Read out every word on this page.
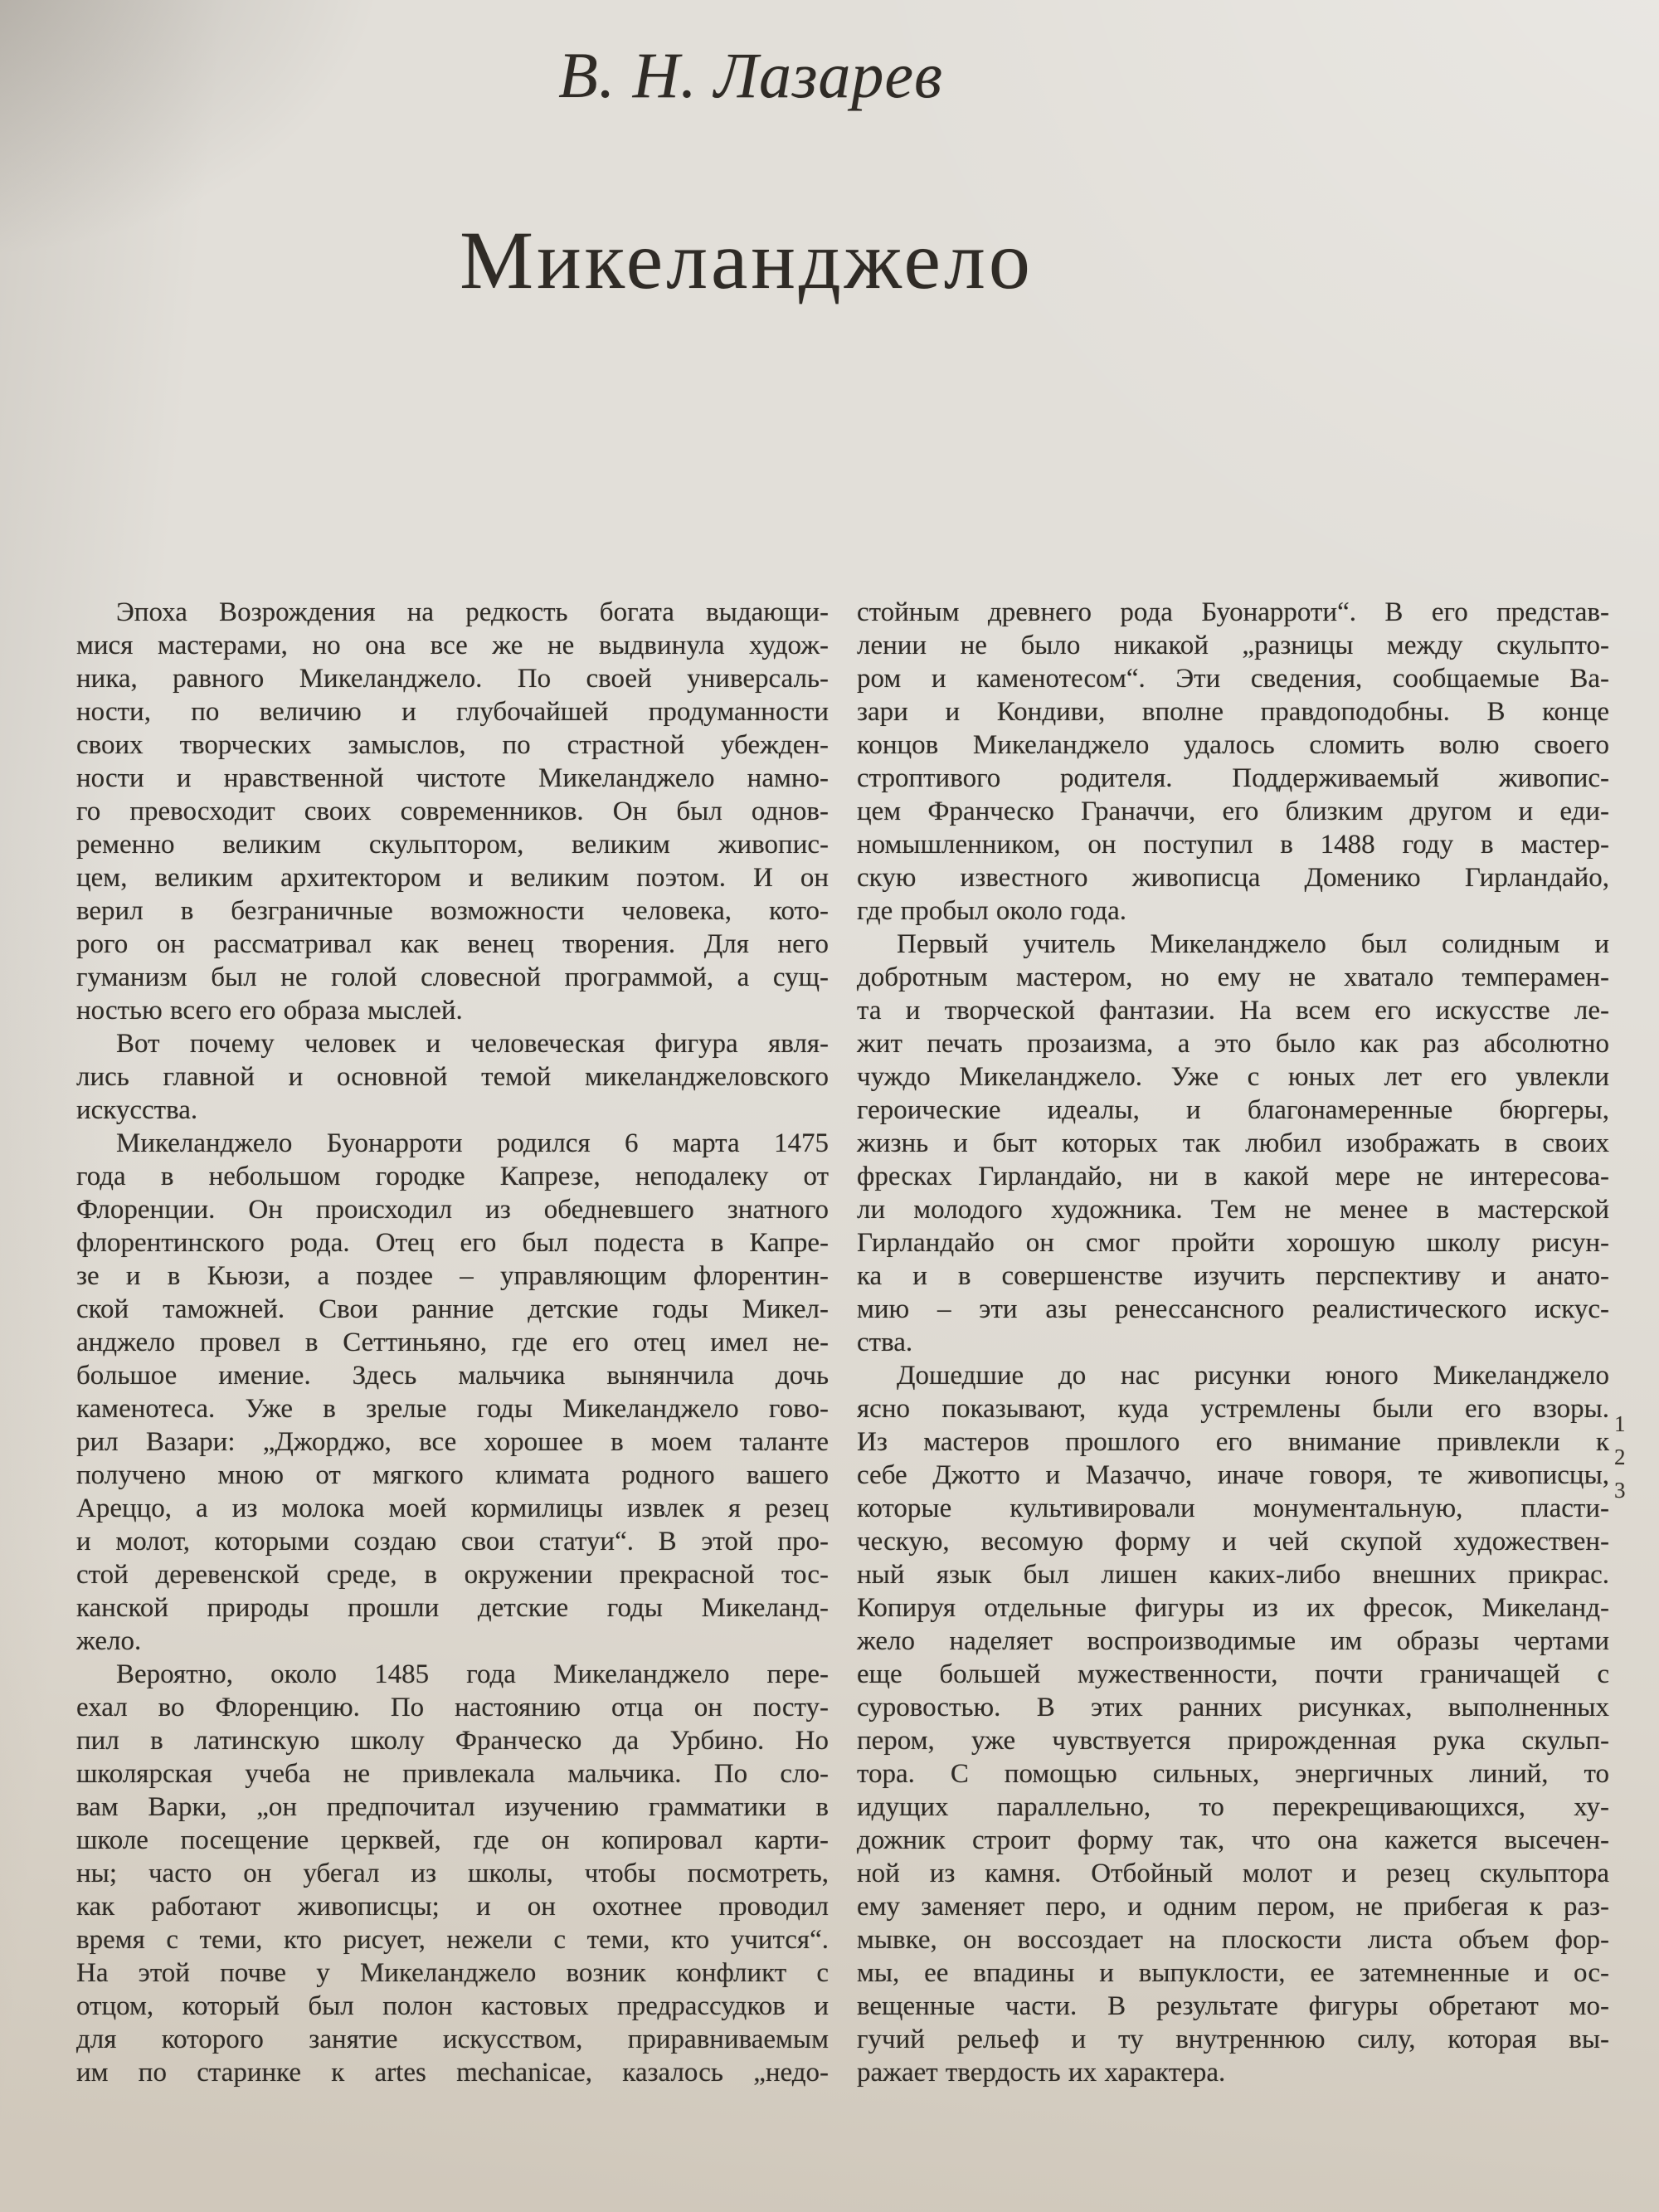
В. Н. Лазарев
Микеланджело
Эпоха Возрождения на редкость богата выдающи-
мися мастерами, но она все же не выдвинула худож-
ника, равного Микеланджело. По своей универсаль-
ности, по величию и глубочайшей продуманности
своих творческих замыслов, по страстной убежден-
ности и нравственной чистоте Микеланджело намно-
го превосходит своих современников. Он был однов-
ременно великим скульптором, великим живопис-
цем, великим архитектором и великим поэтом. И он
верил в безграничные возможности человека, кото-
рого он рассматривал как венец творения. Для него
гуманизм был не голой словесной программой, а сущ-
ностью всего его образа мыслей.
Вот почему человек и человеческая фигура явля-
лись главной и основной темой микеланджеловского
искусства.
Микеланджело Буонарроти родился 6 марта 1475
года в небольшом городке Капрезе, неподалеку от
Флоренции. Он происходил из обедневшего знатного
флорентинского рода. Отец его был подеста в Капре-
зе и в Кьюзи, а поздее – управляющим флорентин-
ской таможней. Свои ранние детские годы Микел-
анджело провел в Сеттиньяно, где его отец имел не-
большое имение. Здесь мальчика вынянчила дочь
каменотеса. Уже в зрелые годы Микеланджело гово-
рил Вазари: „Джорджо, все хорошее в моем таланте
получено мною от мягкого климата родного вашего
Ареццо, а из молока моей кормилицы извлек я резец
и молот, которыми создаю свои статуи“. В этой про-
стой деревенской среде, в окружении прекрасной тос-
канской природы прошли детские годы Микеланд-
жело.
Вероятно, около 1485 года Микеланджело пере-
ехал во Флоренцию. По настоянию отца он посту-
пил в латинскую школу Франческо да Урбино. Но
школярская учеба не привлекала мальчика. По сло-
вам Варки, „он предпочитал изучению грамматики в
школе посещение церквей, где он копировал карти-
ны; часто он убегал из школы, чтобы посмотреть,
как работают живописцы; и он охотнее проводил
время с теми, кто рисует, нежели с теми, кто учится“.
На этой почве у Микеланджело возник конфликт с
отцом, который был полон кастовых предрассудков и
для которого занятие искусством, приравниваемым
им по старинке к artes mechanicae, казалось „недо-
стойным древнего рода Буонарроти“. В его представ-
лении не было никакой „разницы между скульпто-
ром и каменотесом“. Эти сведения, сообщаемые Ва-
зари и Кондиви, вполне правдоподобны. В конце
концов Микеланджело удалось сломить волю своего
строптивого родителя. Поддерживаемый живопис-
цем Франческо Граначчи, его близким другом и еди-
номышленником, он поступил в 1488 году в мастер-
скую известного живописца Доменико Гирландайо,
где пробыл около года.
Первый учитель Микеланджело был солидным и
добротным мастером, но ему не хватало темперамен-
та и творческой фантазии. На всем его искусстве ле-
жит печать прозаизма, а это было как раз абсолютно
чуждо Микеланджело. Уже с юных лет его увлекли
героические идеалы, и благонамеренные бюргеры,
жизнь и быт которых так любил изображать в своих
фресках Гирландайо, ни в какой мере не интересова-
ли молодого художника. Тем не менее в мастерской
Гирландайо он смог пройти хорошую школу рисун-
ка и в совершенстве изучить перспективу и анато-
мию – эти азы ренессансного реалистического искус-
ства.
Дошедшие до нас рисунки юного Микеланджело
ясно показывают, куда устремлены были его взоры.
Из мастеров прошлого его внимание привлекли к
себе Джотто и Мазаччо, иначе говоря, те живописцы,
которые культивировали монументальную, пласти-
ческую, весомую форму и чей скупой художествен-
ный язык был лишен каких-либо внешних прикрас.
Копируя отдельные фигуры из их фресок, Микеланд-
жело наделяет воспроизводимые им образы чертами
еще большей мужественности, почти граничащей с
суровостью. В этих ранних рисунках, выполненных
пером, уже чувствуется прирожденная рука скульп-
тора. С помощью сильных, энергичных линий, то
идущих параллельно, то перекрещивающихся, ху-
дожник строит форму так, что она кажется высечен-
ной из камня. Отбойный молот и резец скульптора
ему заменяет перо, и одним пером, не прибегая к раз-
мывке, он воссоздает на плоскости листа объем фор-
мы, ее впадины и выпуклости, ее затемненные и ос-
вещенные части. В результате фигуры обретают мо-
гучий рельеф и ту внутреннюю силу, которая вы-
ражает твердость их характера.
1
2
3
